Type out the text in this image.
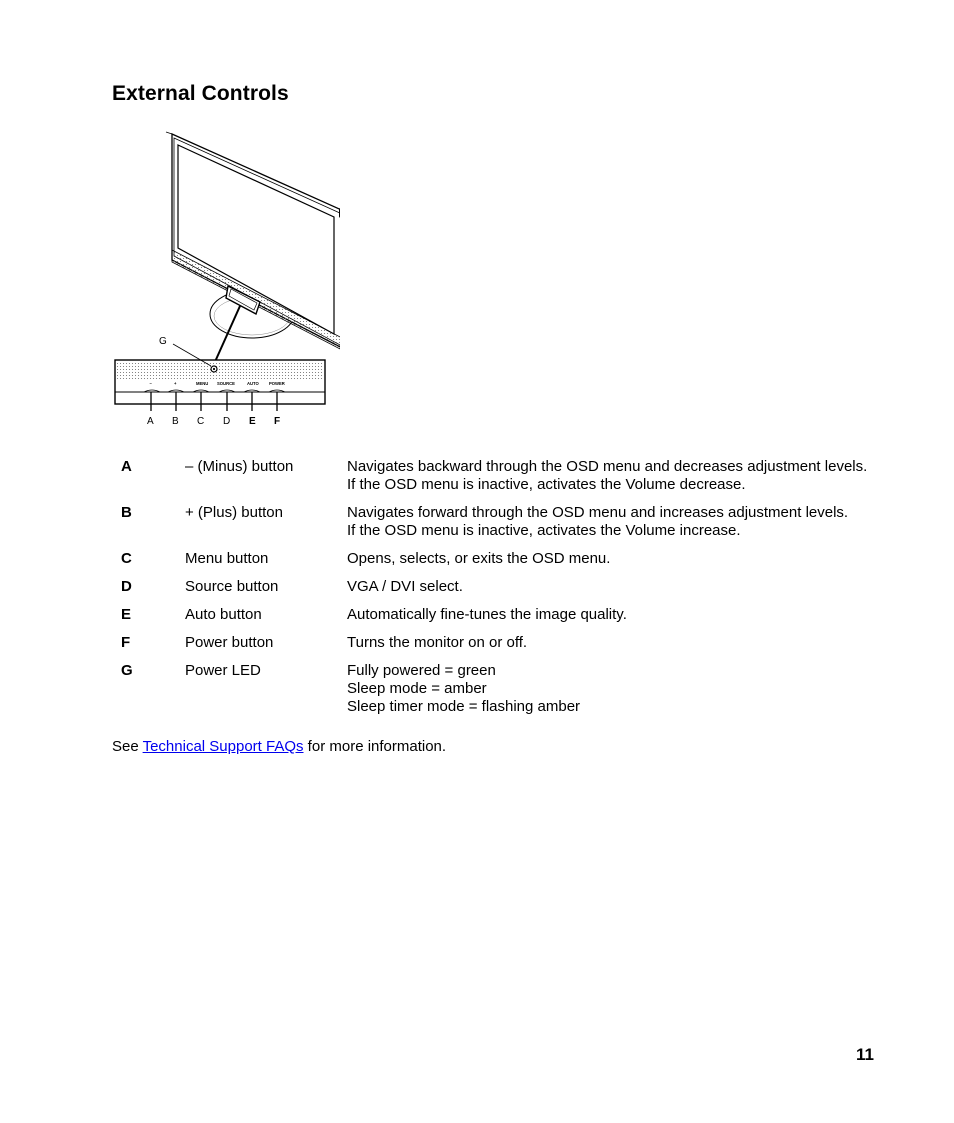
External Controls
G
–	+	MENU SOURCE	AUTO POWER
A B C D E F
A	– (Minus) button	Navigates backward through the OSD menu and decreases adjustment levels.
If the OSD menu is inactive, activates the Volume decrease.

B	+ (Plus) button	Navigates forward through the OSD menu and increases adjustment levels.
If the OSD menu is inactive, activates the Volume increase.

C	Menu button	Opens, selects, or exits the OSD menu.

D	Source button	VGA / DVI select.

E	Auto button	Automatically fine-tunes the image quality.

F	Power button	Turns the monitor on or off.

G	Power LED	Fully powered = green
Sleep mode = amber
Sleep timer mode = flashing amber

See Technical Support FAQs for more information.

11
